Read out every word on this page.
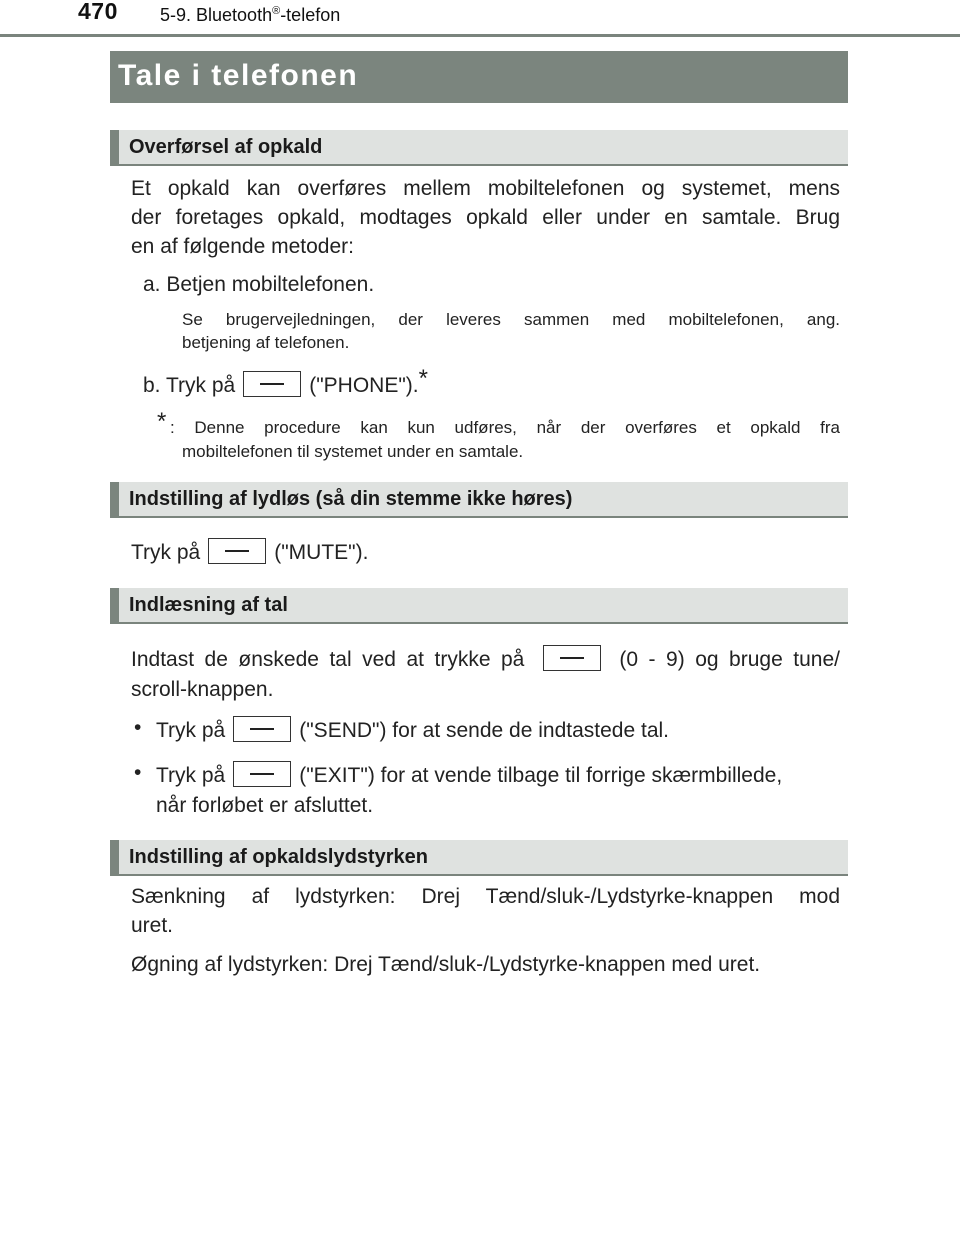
470 5-9. Bluetooth®-telefon
Tale i telefonen
Overførsel af opkald

Et opkald kan overføres mellem mobiltelefonen og systemet, mens

der foretages opkald, modtages opkald eller under en samtale. Brug

en af følgende metoder:

a. Betjen mobiltelefonen.

Se brugervejledningen, der leveres sammen med mobiltelefonen, ang.

betjening af telefonen.

b. Tryk på	("PHONE").*

* : Denne procedure kan kun udføres, når der overføres et opkald fra

mobiltelefonen til systemet under en samtale.

Indstilling af lydløs (så din stemme ikke høres)

Tryk på	("MUTE").

Indlæsning af tal

Indtast de ønskede tal ved at trykke på	(0 - 9) og bruge tune/

scroll-knappen.

• Tryk på	("SEND") for at sende de indtastede tal.

• Tryk på	("EXIT") for at vende tilbage til forrige skærmbillede,

når forløbet er afsluttet.

Indstilling af opkaldslydstyrken

Sænkning af lydstyrken: Drej Tænd/sluk-/Lydstyrke-knappen mod

uret.

Øgning af lydstyrken: Drej Tænd/sluk-/Lydstyrke-knappen med uret.
